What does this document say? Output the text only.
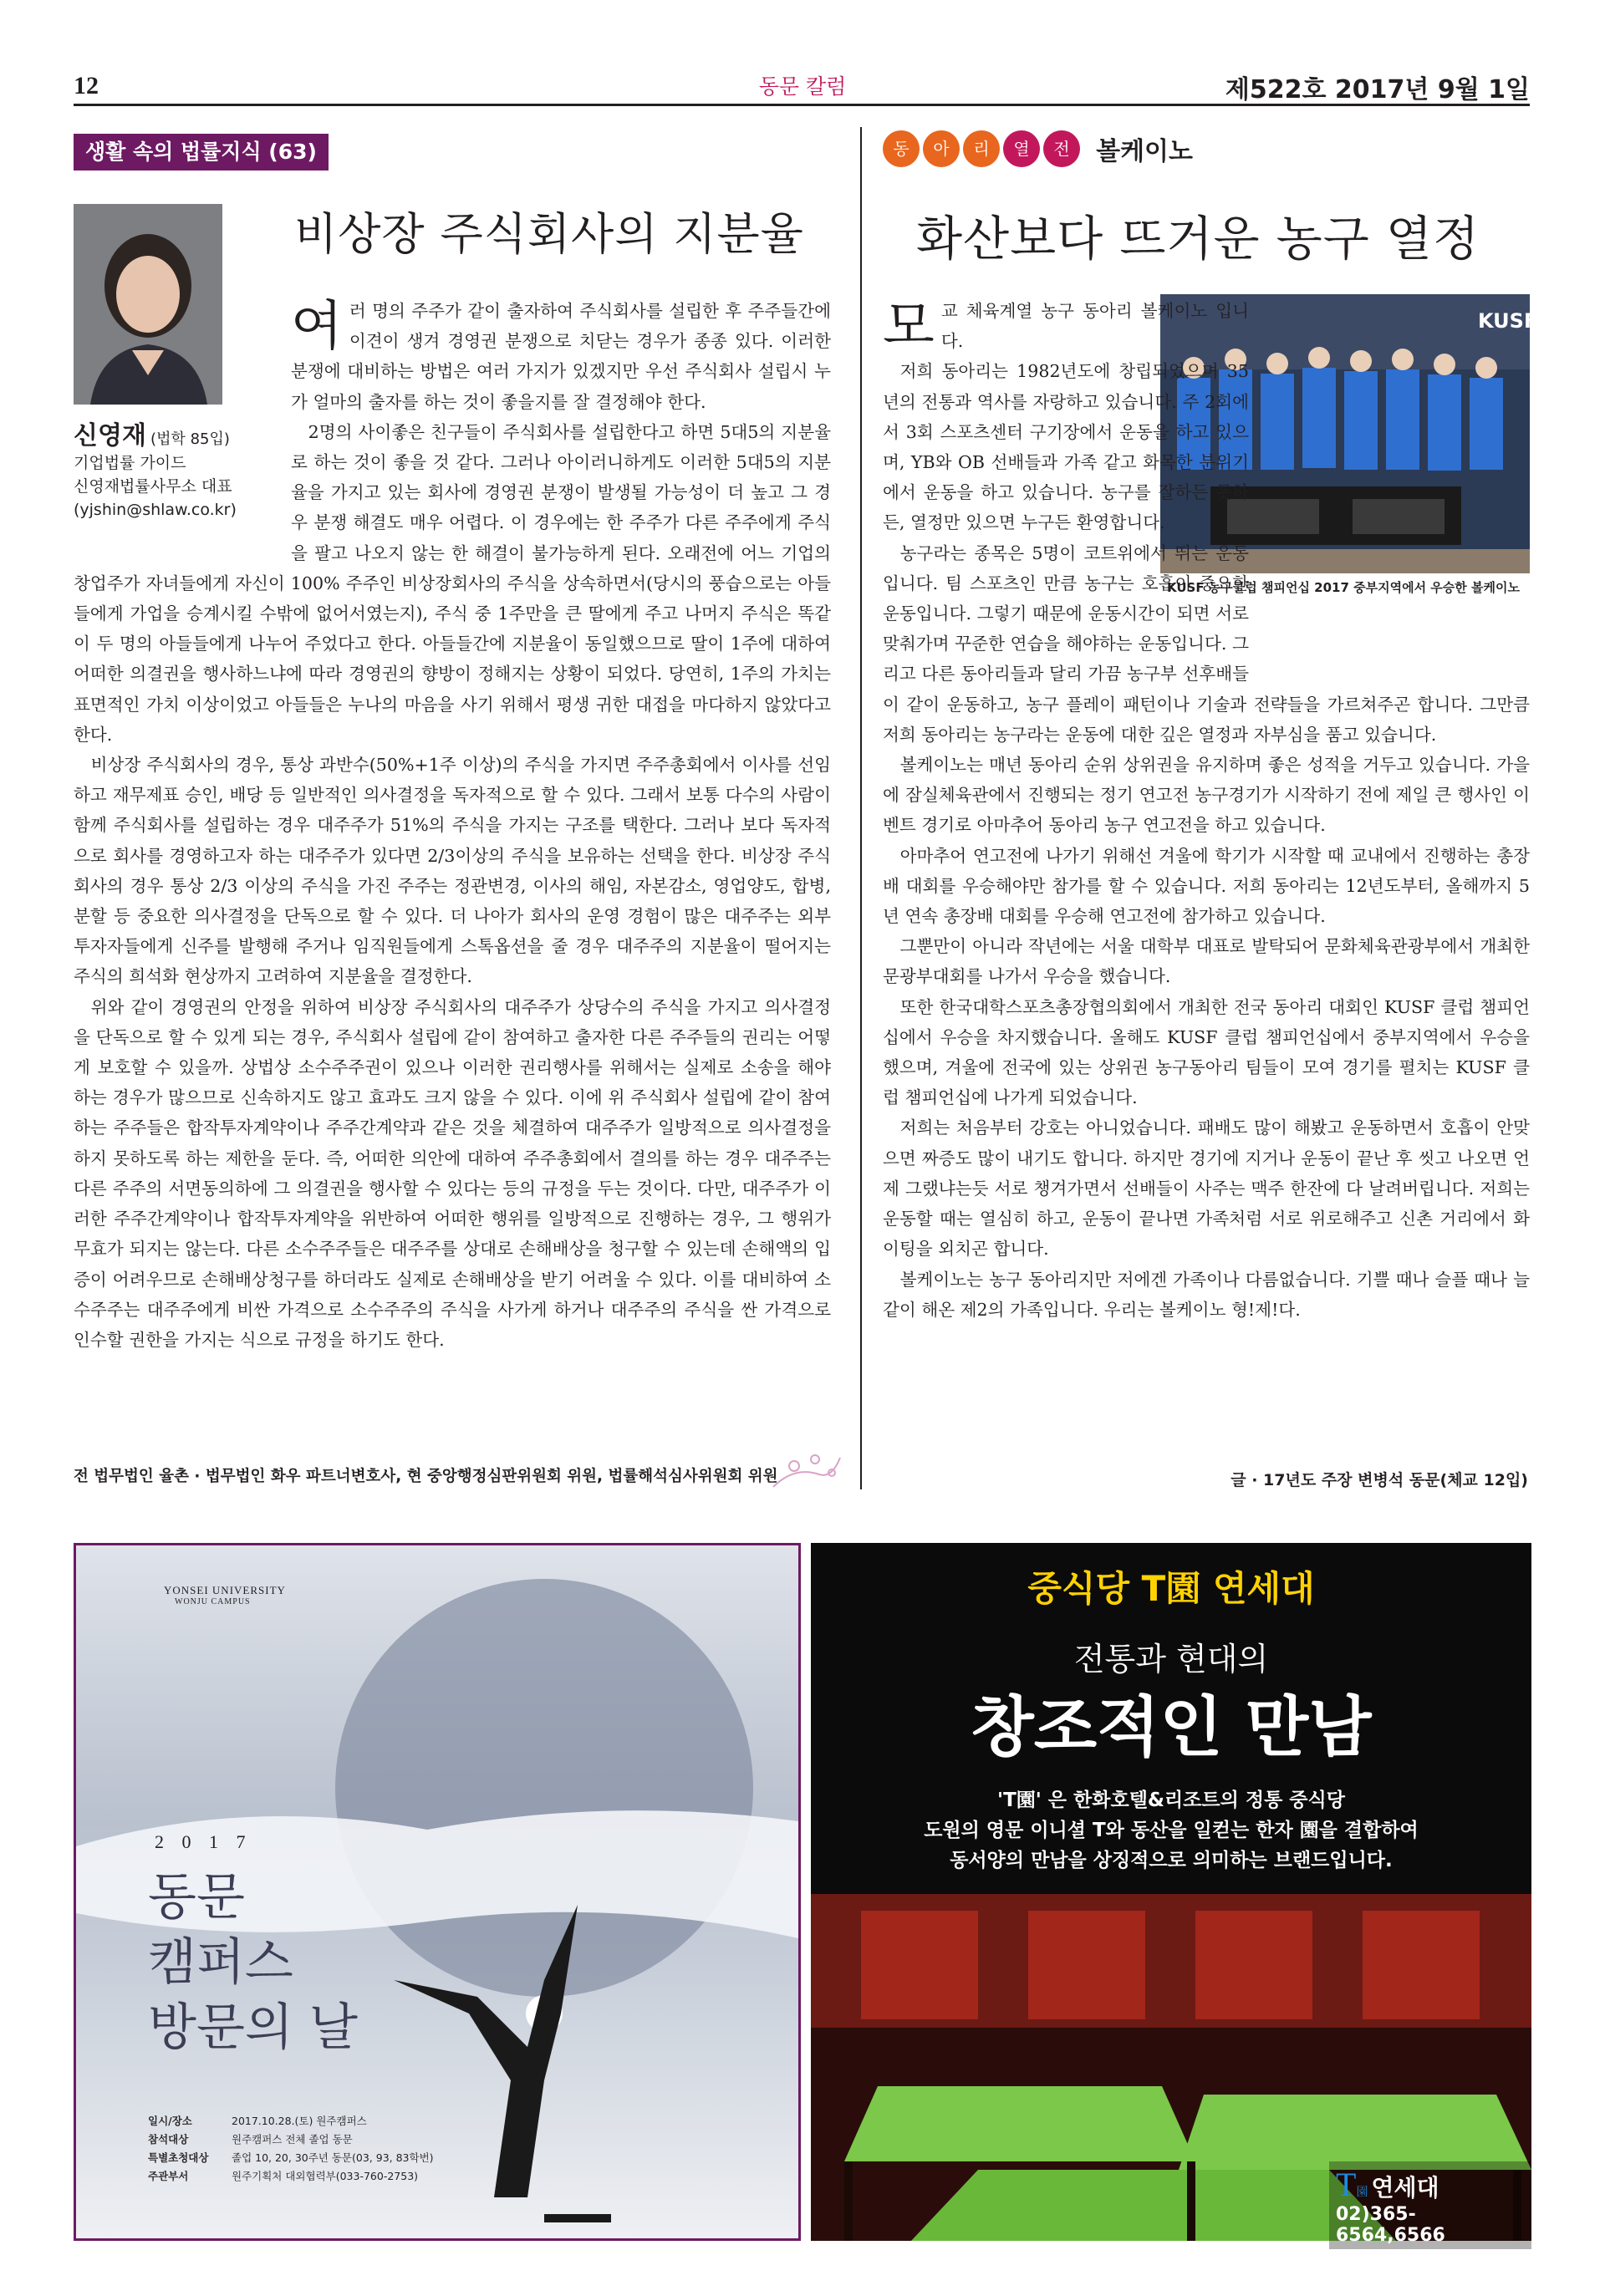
12	동문 칼럼	제522호 2017년 9월 1일
생활 속의 법률지식 (63)
비상장 주식회사의 지분율
신영재 (법학 85입)
기업법률 가이드
신영재법률사무소 대표
(yjshin@shlaw.co.kr)

여러 명의 주주가 같이 출자하여 주식회사를 설립한 후 주주들간에 이견이 생겨 경영권 분쟁으로 치닫는 경우가 종종 있다. 이러한 분쟁에 대비하는 방법은 여러 가지가 있겠지만 우선 주식회사 설립시 누가 얼마의 출자를 하는 것이 좋을지를 잘 결정해야 한다.

2명의 사이좋은 친구들이 주식회사를 설립한다고 하면 5대5의 지분율로 하는 것이 좋을 것 같다. 그러나 아이러니하게도 이러한 5대5의 지분율을 가지고 있는 회사에 경영권 분쟁이 발생될 가능성이 더 높고 그 경우 분쟁 해결도 매우 어렵다. 이 경우에는 한 주주가 다른 주주에게 주식을 팔고 나오지 않는 한 해결이 불가능하게 된다. 오래전에 어느 기업의 창업주가 자녀들에게 자신이 100% 주주인 비상장회사의 주식을 상속하면서(당시의 풍습으로는 아들들에게 가업을 승계시킬 수밖에 없어서였는지), 주식 중 1주만을 큰 딸에게 주고 나머지 주식은 똑같이 두 명의 아들들에게 나누어 주었다고 한다. 아들들간에 지분율이 동일했으므로 딸이 1주에 대하여 어떠한 의결권을 행사하느냐에 따라 경영권의 향방이 정해지는 상황이 되었다. 당연히, 1주의 가치는 표면적인 가치 이상이었고 아들들은 누나의 마음을 사기 위해서 평생 귀한 대접을 마다하지 않았다고 한다.

비상장 주식회사의 경우, 통상 과반수(50%+1주 이상)의 주식을 가지면 주주총회에서 이사를 선임하고 재무제표 승인, 배당 등 일반적인 의사결정을 독자적으로 할 수 있다. 그래서 보통 다수의 사람이 함께 주식회사를 설립하는 경우 대주주가 51%의 주식을 가지는 구조를 택한다. 그러나 보다 독자적으로 회사를 경영하고자 하는 대주주가 있다면 2/3이상의 주식을 보유하는 선택을 한다. 비상장 주식회사의 경우 통상 2/3 이상의 주식을 가진 주주는 정관변경, 이사의 해임, 자본감소, 영업양도, 합병, 분할 등 중요한 의사결정을 단독으로 할 수 있다. 더 나아가 회사의 운영 경험이 많은 대주주는 외부 투자자들에게 신주를 발행해 주거나 임직원들에게 스톡옵션을 줄 경우 대주주의 지분율이 떨어지는 주식의 희석화 현상까지 고려하여 지분율을 결정한다.

위와 같이 경영권의 안정을 위하여 비상장 주식회사의 대주주가 상당수의 주식을 가지고 의사결정을 단독으로 할 수 있게 되는 경우, 주식회사 설립에 같이 참여하고 출자한 다른 주주들의 권리는 어떻게 보호할 수 있을까. 상법상 소수주주권이 있으나 이러한 권리행사를 위해서는 실제로 소송을 해야 하는 경우가 많으므로 신속하지도 않고 효과도 크지 않을 수 있다. 이에 위 주식회사 설립에 같이 참여하는 주주들은 합작투자계약이나 주주간계약과 같은 것을 체결하여 대주주가 일방적으로 의사결정을 하지 못하도록 하는 제한을 둔다. 즉, 어떠한 의안에 대하여 주주총회에서 결의를 하는 경우 대주주는 다른 주주의 서면동의하에 그 의결권을 행사할 수 있다는 등의 규정을 두는 것이다. 다만, 대주주가 이러한 주주간계약이나 합작투자계약을 위반하여 어떠한 행위를 일방적으로 진행하는 경우, 그 행위가 무효가 되지는 않는다. 다른 소수주주들은 대주주를 상대로 손해배상을 청구할 수 있는데 손해액의 입증이 어려우므로 손해배상청구를 하더라도 실제로 손해배상을 받기 어려울 수 있다. 이를 대비하여 소수주주는 대주주에게 비싼 가격으로 소수주주의 주식을 사가게 하거나 대주주의 주식을 싼 가격으로 인수할 권한을 가지는 식으로 규정을 하기도 한다.

전 법무법인 율촌 · 법무법인 화우 파트너변호사, 현 중앙행정심판위원회 위원, 법률해석심사위원회 위원
동 아 리 열 전 볼케이노
화산보다 뜨거운 농구 열정
KUSF
KUSF 농구클럽 챔피언십 2017 중부지역에서 우승한 볼케이노

모교 체육계열 농구 동아리 볼케이노 입니다.

저희 동아리는 1982년도에 창립되었으며 35년의 전통과 역사를 자랑하고 있습니다. 주 2회에서 3회 스포츠센터 구기장에서 운동을 하고 있으며, YB와 OB 선배들과 가족 같고 화목한 분위기에서 운동을 하고 있습니다. 농구를 잘하든 못하든, 열정만 있으면 누구든 환영합니다.

농구라는 종목은 5명이 코트위에서 뛰는 운동입니다. 팀 스포츠인 만큼 농구는 호흡이 중요한 운동입니다. 그렇기 때문에 운동시간이 되면 서로 맞춰가며 꾸준한 연습을 해야하는 운동입니다. 그리고 다른 동아리들과 달리 가끔 농구부 선후배들이 같이 운동하고, 농구 플레이 패턴이나 기술과 전략들을 가르쳐주곤 합니다. 그만큼 저희 동아리는 농구라는 운동에 대한 깊은 열정과 자부심을 품고 있습니다.

볼케이노는 매년 동아리 순위 상위권을 유지하며 좋은 성적을 거두고 있습니다. 가을에 잠실체육관에서 진행되는 정기 연고전 농구경기가 시작하기 전에 제일 큰 행사인 이벤트 경기로 아마추어 동아리 농구 연고전을 하고 있습니다.

아마추어 연고전에 나가기 위해선 겨울에 학기가 시작할 때 교내에서 진행하는 총장배 대회를 우승해야만 참가를 할 수 있습니다. 저희 동아리는 12년도부터, 올해까지 5년 연속 총장배 대회를 우승해 연고전에 참가하고 있습니다.

그뿐만이 아니라 작년에는 서울 대학부 대표로 발탁되어 문화체육관광부에서 개최한 문광부대회를 나가서 우승을 했습니다.

또한 한국대학스포츠총장협의회에서 개최한 전국 동아리 대회인 KUSF 클럽 챔피언십에서 우승을 차지했습니다. 올해도 KUSF 클럽 챔피언십에서 중부지역에서 우승을 했으며, 겨울에 전국에 있는 상위권 농구동아리 팀들이 모여 경기를 펼치는 KUSF 클럽 챔피언십에 나가게 되었습니다.

저희는 처음부터 강호는 아니었습니다. 패배도 많이 해봤고 운동하면서 호흡이 안맞으면 짜증도 많이 내기도 합니다. 하지만 경기에 지거나 운동이 끝난 후 씻고 나오면 언제 그랬냐는듯 서로 챙겨가면서 선배들이 사주는 맥주 한잔에 다 날려버립니다. 저희는 운동할 때는 열심히 하고, 운동이 끝나면 가족처럼 서로 위로해주고 신촌 거리에서 화이팅을 외치곤 합니다.

볼케이노는 농구 동아리지만 저에겐 가족이나 다름없습니다. 기쁠 때나 슬플 때나 늘 같이 해온 제2의 가족입니다. 우리는 볼케이노 형!제!다.

글 · 17년도 주장 변병석 동문(체교 12입)
YONSEI UNIVERSITY
WONJU CAMPUS
2 0 1 7
동문
캠퍼스
방문의 날
일시/장소	2017.10.28.(토) 원주캠퍼스
참석대상	원주캠퍼스 전체 졸업 동문
특별초청대상 졸업 10, 20, 30주년 동문(03, 93, 83학번)
주관부서	원주기획처 대외협력부(033-760-2753)
중식당 T園 연세대
전통과 현대의
창조적인 만남
'T園' 은 한화호텔&리조트의 정통 중식당
도원의 영문 이니셜 T와 동산을 일컫는 한자 園을 결합하여
동서양의 만남을 상징적으로 의미하는 브랜드입니다.
T園 연세대
02)365-6564,6566
